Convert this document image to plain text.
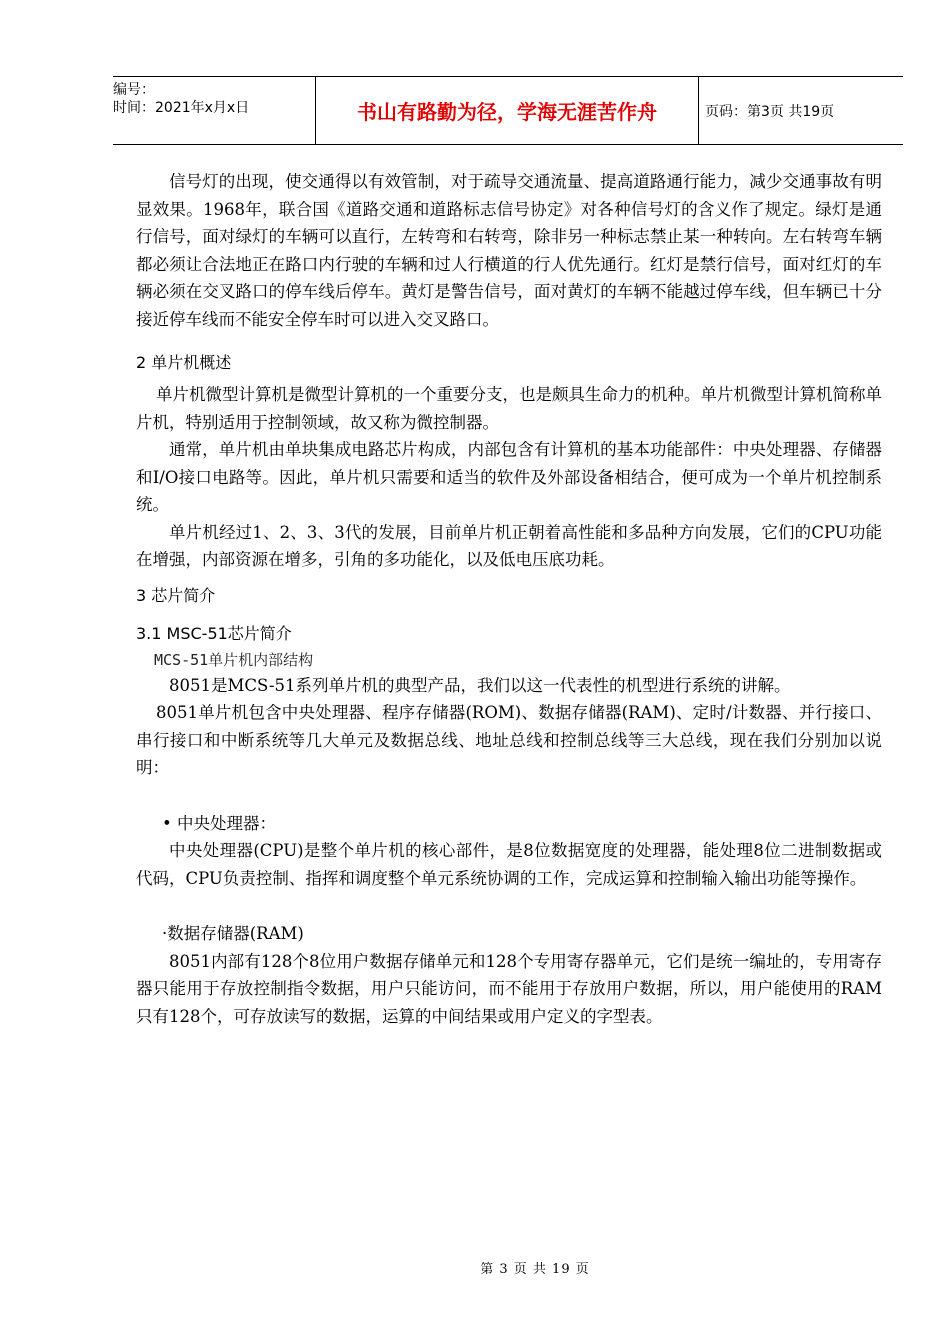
编号：
时间：2021年x月x日	书山有路勤为径，学海无涯苦作舟	页码：第3页 共19页

信号灯的出现，使交通得以有效管制，对于疏导交通流量、提高道路通行能力，减少交通事故有明显效果。1968年，联合国《道路交通和道路标志信号协定》对各种信号灯的含义作了规定。绿灯是通行信号，面对绿灯的车辆可以直行，左转弯和右转弯，除非另一种标志禁止某一种转向。左右转弯车辆都必须让合法地正在路口内行驶的车辆和过人行横道的行人优先通行。红灯是禁行信号，面对红灯的车辆必须在交叉路口的停车线后停车。黄灯是警告信号，面对黄灯的车辆不能越过停车线，但车辆已十分接近停车线而不能安全停车时可以进入交叉路口。

2 单片机概述

单片机微型计算机是微型计算机的一个重要分支，也是颇具生命力的机种。单片机微型计算机简称单片机，特别适用于控制领域，故又称为微控制器。

通常，单片机由单块集成电路芯片构成，内部包含有计算机的基本功能部件：中央处理器、存储器和I/O接口电路等。因此，单片机只需要和适当的软件及外部设备相结合，便可成为一个单片机控制系统。

单片机经过1、2、3、3代的发展，目前单片机正朝着高性能和多品种方向发展，它们的CPU功能在增强，内部资源在增多，引角的多功能化，以及低电压底功耗。

3 芯片简介
3.1 MSC-51芯片简介
MCS-51单片机内部结构

8051是MCS-51系列单片机的典型产品，我们以这一代表性的机型进行系统的讲解。

8051单片机包含中央处理器、程序存储器(ROM)、数据存储器(RAM)、定时/计数器、并行接口、串行接口和中断系统等几大单元及数据总线、地址总线和控制总线等三大总线，现在我们分别加以说明：

• 中央处理器：

中央处理器(CPU)是整个单片机的核心部件，是8位数据宽度的处理器，能处理8位二进制数据或代码，CPU负责控制、指挥和调度整个单元系统协调的工作，完成运算和控制输入输出功能等操作。

·数据存储器(RAM)

8051内部有128个8位用户数据存储单元和128个专用寄存器单元，它们是统一编址的，专用寄存器只能用于存放控制指令数据，用户只能访问，而不能用于存放用户数据，所以，用户能使用的RAM只有128个，可存放读写的数据，运算的中间结果或用户定义的字型表。

第 3 页 共 19 页
